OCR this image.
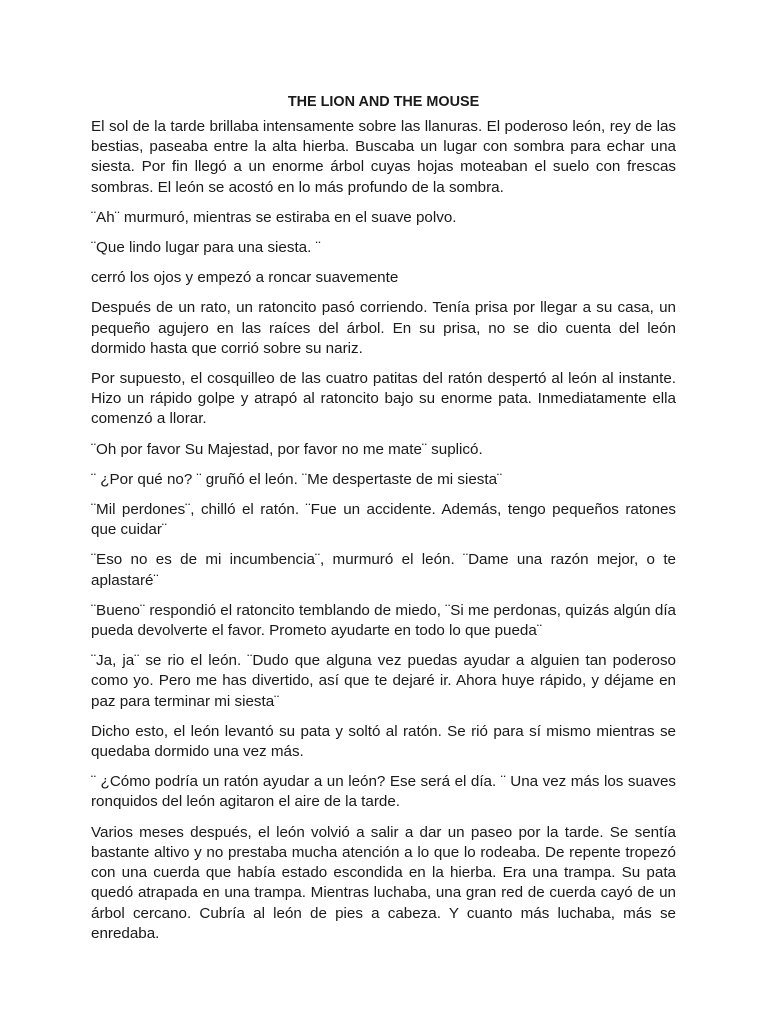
THE LION AND THE MOUSE

El sol de la tarde brillaba intensamente sobre las llanuras. El poderoso león, rey de las bestias, paseaba entre la alta hierba. Buscaba un lugar con sombra para echar una siesta. Por fin llegó a un enorme árbol cuyas hojas moteaban el suelo con frescas sombras. El león se acostó en lo más profundo de la sombra.

¨Ah¨ murmuró, mientras se estiraba en el suave polvo.

¨Que lindo lugar para una siesta. ¨

cerró los ojos y empezó a roncar suavemente

Después de un rato, un ratoncito pasó corriendo. Tenía prisa por llegar a su casa, un pequeño agujero en las raíces del árbol. En su prisa, no se dio cuenta del león dormido hasta que corrió sobre su nariz.

Por supuesto, el cosquilleo de las cuatro patitas del ratón despertó al león al instante. Hizo un rápido golpe y atrapó al ratoncito bajo su enorme pata. Inmediatamente ella comenzó a llorar.

¨Oh por favor Su Majestad, por favor no me mate¨ suplicó.

¨ ¿Por qué no? ¨ gruñó el león. ¨Me despertaste de mi siesta¨

¨Mil perdones¨, chilló el ratón. ¨Fue un accidente. Además, tengo pequeños ratones que cuidar¨

¨Eso no es de mi incumbencia¨, murmuró el león. ¨Dame una razón mejor, o te aplastaré¨

¨Bueno¨ respondió el ratoncito temblando de miedo, ¨Si me perdonas, quizás algún día pueda devolverte el favor. Prometo ayudarte en todo lo que pueda¨

¨Ja, ja¨ se rio el león. ¨Dudo que alguna vez puedas ayudar a alguien tan poderoso como yo. Pero me has divertido, así que te dejaré ir. Ahora huye rápido, y déjame en paz para terminar mi siesta¨

Dicho esto, el león levantó su pata y soltó al ratón. Se rió para sí mismo mientras se quedaba dormido una vez más.

¨ ¿Cómo podría un ratón ayudar a un león? Ese será el día. ¨ Una vez más los suaves ronquidos del león agitaron el aire de la tarde.

Varios meses después, el león volvió a salir a dar un paseo por la tarde. Se sentía bastante altivo y no prestaba mucha atención a lo que lo rodeaba. De repente tropezó con una cuerda que había estado escondida en la hierba. Era una trampa. Su pata quedó atrapada en una trampa. Mientras luchaba, una gran red de cuerda cayó de un árbol cercano. Cubría al león de pies a cabeza. Y cuanto más luchaba, más se enredaba.
